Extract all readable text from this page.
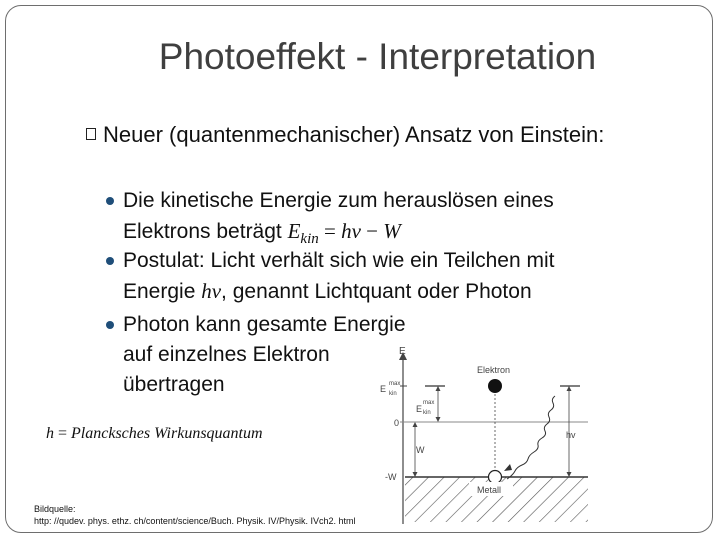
Photoeffekt - Interpretation
Neuer (quantenmechanischer) Ansatz von Einstein:
Die kinetische Energie zum herauslösen eines Elektrons beträgt $E_{kin} = h\nu - W$
Postulat: Licht verhält sich wie ein Teilchen mit Energie hν, genannt Lichtquant oder Photon
Photon kann gesamte Energie auf einzelnes Elektron übertragen
h = Plancksches Wirkunsquantum
Bildquelle:
http: //qudev. phys. ethz. ch/content/science/Buch. Physik. IV/Physik. IVch2. html
E
E max
kin
0
-W
W
E
max
kin
hv
Elektron
Metall
